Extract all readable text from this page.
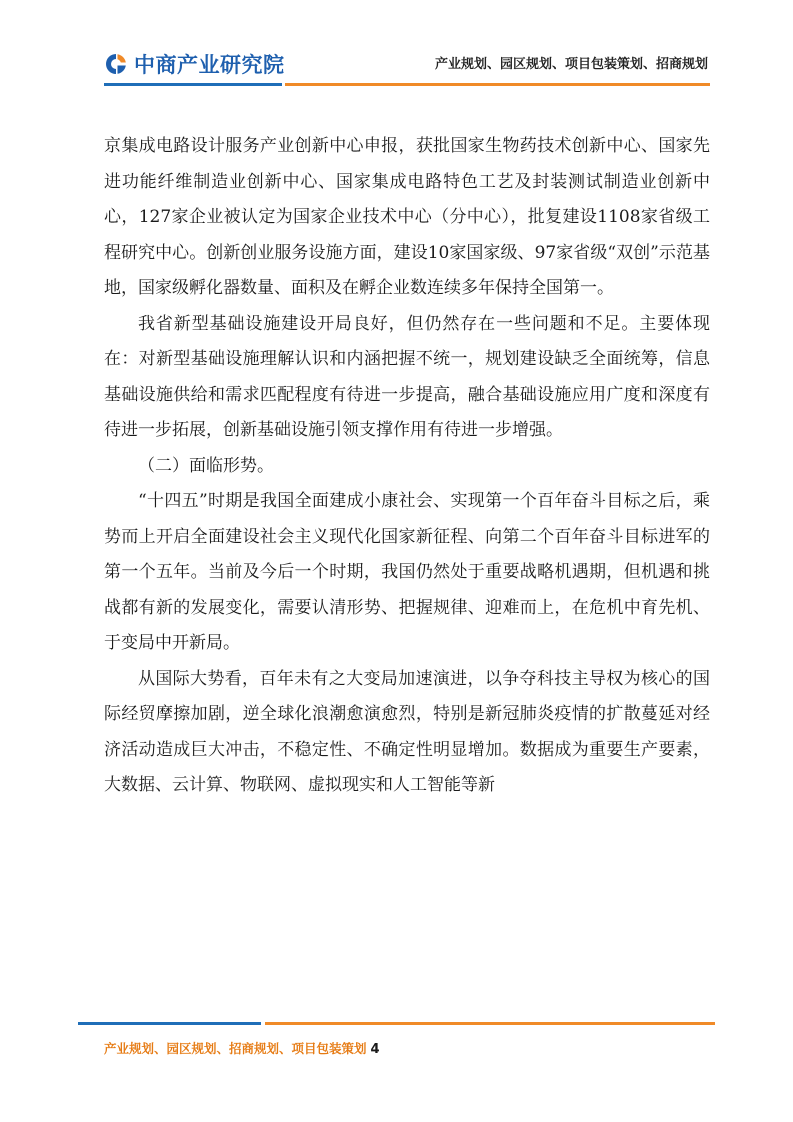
中商产业研究院	产业规划、园区规划、项目包装策划、招商规划

京集成电路设计服务产业创新中心申报，获批国家生物药技术创新中心、国家先进功能纤维制造业创新中心、国家集成电路特色工艺及封装测试制造业创新中心，127家企业被认定为国家企业技术中心（分中心），批复建设1108家省级工程研究中心。创新创业服务设施方面，建设10家国家级、97家省级“双创”示范基地，国家级孵化器数量、面积及在孵企业数连续多年保持全国第一。

我省新型基础设施建设开局良好，但仍然存在一些问题和不足。主要体现在：对新型基础设施理解认识和内涵把握不统一，规划建设缺乏全面统筹，信息基础设施供给和需求匹配程度有待进一步提高，融合基础设施应用广度和深度有待进一步拓展，创新基础设施引领支撑作用有待进一步增强。

（二）面临形势。

“十四五”时期是我国全面建成小康社会、实现第一个百年奋斗目标之后，乘势而上开启全面建设社会主义现代化国家新征程、向第二个百年奋斗目标进军的第一个五年。当前及今后一个时期，我国仍然处于重要战略机遇期，但机遇和挑战都有新的发展变化，需要认清形势、把握规律、迎难而上，在危机中育先机、于变局中开新局。

从国际大势看，百年未有之大变局加速演进，以争夺科技主导权为核心的国际经贸摩擦加剧，逆全球化浪潮愈演愈烈，特别是新冠肺炎疫情的扩散蔓延对经济活动造成巨大冲击，不稳定性、不确定性明显增加。数据成为重要生产要素，大数据、云计算、物联网、虚拟现实和人工智能等新

产业规划、园区规划、招商规划、项目包装策划 4
